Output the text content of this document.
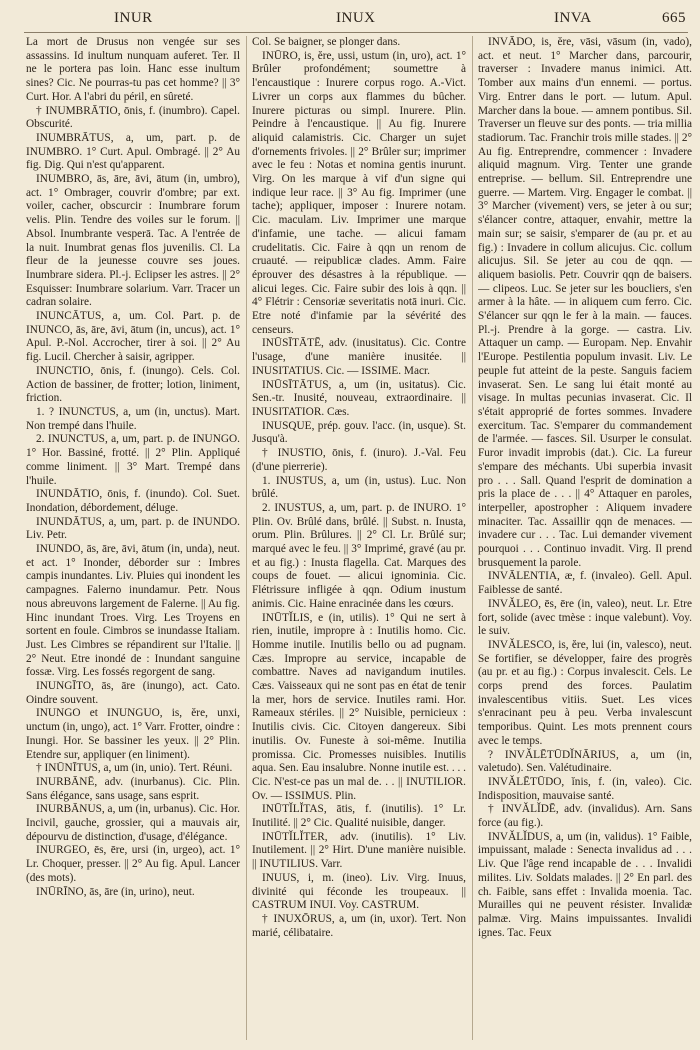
INUR	INUX	INVA	665

La mort de Drusus non vengée sur ses assassins. Id inultum nunquam auferet. Ter. Il ne le portera pas loin. Hanc esse inultum sines? Cic. Ne pourras-tu pas cet homme? || 3° Curt. Hor. A l'abri du péril, en sûreté.

† INUMBRĀTIO, ōnis, f. (inumbro). Capel. Obscurité.

INUMBRĀTUS, a, um, part. p. de INUMBRO. 1° Curt. Apul. Ombragé. || 2° Au fig. Dig. Qui n'est qu'apparent.

INUMBRO, ās, āre, āvi, ātum (in, umbro), act. 1° Ombrager, couvrir d'ombre; par ext. voiler, cacher, obscurcir : Inumbrare forum velis. Plin. Tendre des voiles sur le forum. || Absol. Inumbrante vesperā. Tac. A l'entrée de la nuit. Inumbrat genas flos juvenilis. Cl. La fleur de la jeunesse couvre ses joues. Inumbrare sidera. Pl.-j. Eclipser les astres. || 2° Esquisser: Inumbrare solarium. Varr. Tracer un cadran solaire.

INUNCĀTUS, a, um. Col. Part. p. de INUNCO, ās, āre, āvi, ātum (in, uncus), act. 1° Apul. P.-Nol. Accrocher, tirer à soi. || 2° Au fig. Lucil. Chercher à saisir, agripper.

INUNCTIO, ōnis, f. (inungo). Cels. Col. Action de bassiner, de frotter; lotion, liniment, friction.

1. ? INUNCTUS, a, um (in, unctus). Mart. Non trempé dans l'huile.

2. INUNCTUS, a, um, part. p. de INUNGO. 1° Hor. Bassiné, frotté. || 2° Plin. Appliqué comme liniment. || 3° Mart. Trempé dans l'huile.

INUNDĀTIO, ōnis, f. (inundo). Col. Suet. Inondation, débordement, déluge.

INUNDĀTUS, a, um, part. p. de INUNDO. Liv. Petr.

INUNDO, ās, āre, āvi, ātum (in, unda), neut. et act. 1° Inonder, déborder sur : Imbres campis inundantes. Liv. Pluies qui inondent les campagnes. Falerno inundamur. Petr. Nous nous abreuvons largement de Falerne. || Au fig. Hinc inundant Troes. Virg. Les Troyens en sortent en foule. Cimbros se inundasse Italiam. Just. Les Cimbres se répandirent sur l'Italie. || 2° Neut. Etre inondé de : Inundant sanguine fossæ. Virg. Les fossés regorgent de sang.

INUNGĪTO, ās, āre (inungo), act. Cato. Oindre souvent.

INUNGO et INUNGUO, is, ĕre, unxi, unctum (in, ungo), act. 1° Varr. Frotter, oindre : Inungi. Hor. Se bassiner les yeux. || 2° Plin. Etendre sur, appliquer (en liniment).

† INŪNĪTUS, a, um (in, unio). Tert. Réuni.

INURBĀNĒ, adv. (inurbanus). Cic. Plin. Sans élégance, sans usage, sans esprit.

INURBĀNUS, a, um (in, urbanus). Cic. Hor. Incivil, gauche, grossier, qui a mauvais air, dépourvu de distinction, d'usage, d'élégance.

INURGEO, ēs, ēre, ursi (in, urgeo), act. 1° Lr. Choquer, presser. || 2° Au fig. Apul. Lancer (des mots).

INŪRĪNO, ās, āre (in, urino), neut.

Col. Se baigner, se plonger dans.

INŪRO, is, ĕre, ussi, ustum (in, uro), act. 1° Brûler profondément; soumettre à l'encaustique : Inurere corpus rogo. A.-Vict. Livrer un corps aux flammes du bûcher. Inurere picturas ou simpl. Inurere. Plin. Peindre à l'encaustique. || Au fig. Inurere aliquid calamistris. Cic. Charger un sujet d'ornements frivoles. || 2° Brûler sur; imprimer avec le feu : Notas et nomina gentis inurunt. Virg. On les marque à vif d'un signe qui indique leur race. || 3° Au fig. Imprimer (une tache); appliquer, imposer : Inurere notam. Cic. maculam. Liv. Imprimer une marque d'infamie, une tache. — alicui famam crudelitatis. Cic. Faire à qqn un renom de cruauté. — reipublicæ clades. Amm. Faire éprouver des désastres à la république. — alicui leges. Cic. Faire subir des lois à qqn. || 4° Flétrir : Censoriæ severitatis notā inuri. Cic. Etre noté d'infamie par la sévérité des censeurs.

INŪSĪTĀTĒ, adv. (inusitatus). Cic. Contre l'usage, d'une manière inusitée. || INUSITATIUS. Cic. — ISSIME. Macr.

INŪSĪTĀTUS, a, um (in, usitatus). Cic. Sen.-tr. Inusité, nouveau, extraordinaire. || INUSITATIOR. Cæs.

INUSQUE, prép. gouv. l'acc. (in, usque). St. Jusqu'à.

† INUSTIO, ōnis, f. (inuro). J.-Val. Feu (d'une pierrerie).

1. INUSTUS, a, um (in, ustus). Luc. Non brûlé.

2. INUSTUS, a, um, part. p. de INURO. 1° Plin. Ov. Brûlé dans, brûlé. || Subst. n. Inusta, orum. Plin. Brûlures. || 2° Cl. Lr. Brûlé sur; marqué avec le feu. || 3° Imprimé, gravé (au pr. et au fig.) : Inusta flagella. Cat. Marques des coups de fouet. — alicui ignominia. Cic. Flétrissure infligée à qqn. Odium inustum animis. Cic. Haine enracinée dans les cœurs.

INŪTĬLIS, e (in, utilis). 1° Qui ne sert à rien, inutile, impropre à : Inutilis homo. Cic. Homme inutile. Inutilis bello ou ad pugnam. Cæs. Impropre au service, incapable de combattre. Naves ad navigandum inutiles. Cæs. Vaisseaux qui ne sont pas en état de tenir la mer, hors de service. Inutiles rami. Hor. Rameaux stériles. || 2° Nuisible, pernicieux : Inutilis civis. Cic. Citoyen dangereux. Sibi inutilis. Ov. Funeste à soi-même. Inutilia promissa. Cic. Promesses nuisibles. Inutilis aqua. Sen. Eau insalubre. Nonne inutile est. . . . Cic. N'est-ce pas un mal de. . . || INUTILIOR. Ov. — ISSIMUS. Plin.

INŪTĬLĬTAS, ātis, f. (inutilis). 1° Lr. Inutilité. || 2° Cic. Qualité nuisible, danger.

INŪTĬLĬTER, adv. (inutilis). 1° Liv. Inutilement. || 2° Hirt. D'une manière nuisible. || INUTILIUS. Varr.

INUUS, i, m. (ineo). Liv. Virg. Inuus, divinité qui féconde les troupeaux. || CASTRUM INUI. Voy. CASTRUM.

† INUXŌRUS, a, um (in, uxor). Tert. Non marié, célibataire.

INVĀDO, is, ĕre, vāsi, vāsum (in, vado), act. et neut. 1° Marcher dans, parcourir, traverser : Invadere manus inimici. Att. Tomber aux mains d'un ennemi. — portus. Virg. Entrer dans le port. — lutum. Apul. Marcher dans la boue. — amnem pontibus. Sil. Traverser un fleuve sur des ponts. — tria millia stadiorum. Tac. Franchir trois mille stades. || 2° Au fig. Entreprendre, commencer : Invadere aliquid magnum. Virg. Tenter une grande entreprise. — bellum. Sil. Entreprendre une guerre. — Martem. Virg. Engager le combat. || 3° Marcher (vivement) vers, se jeter à ou sur; s'élancer contre, attaquer, envahir, mettre la main sur; se saisir, s'emparer de (au pr. et au fig.) : Invadere in collum alicujus. Cic. collum alicujus. Sil. Se jeter au cou de qqn. — aliquem basiolis. Petr. Couvrir qqn de baisers. — clipeos. Luc. Se jeter sur les boucliers, s'en armer à la hâte. — in aliquem cum ferro. Cic. S'élancer sur qqn le fer à la main. — fauces. Pl.-j. Prendre à la gorge. — castra. Liv. Attaquer un camp. — Europam. Nep. Envahir l'Europe. Pestilentia populum invasit. Liv. Le peuple fut atteint de la peste. Sanguis faciem invaserat. Sen. Le sang lui était monté au visage. In multas pecunias invaserat. Cic. Il s'était approprié de fortes sommes. Invadere exercitum. Tac. S'emparer du commandement de l'armée. — fasces. Sil. Usurper le consulat. Furor invadit improbis (dat.). Cic. La fureur s'empare des méchants. Ubi superbia invasit pro . . . Sall. Quand l'esprit de domination a pris la place de . . . || 4° Attaquer en paroles, interpeller, apostropher : Aliquem invadere minaciter. Tac. Assaillir qqn de menaces. — invadere cur . . . Tac. Lui demander vivement pourquoi . . . Continuo invadit. Virg. Il prend brusquement la parole.

INVĀLENTIA, æ, f. (invaleo). Gell. Apul. Faiblesse de santé.

INVĂLEO, ēs, ēre (in, valeo), neut. Lr. Etre fort, solide (avec tmèse : inque valebunt). Voy. le suiv.

INVĂLESCO, is, ĕre, lui (in, valesco), neut. Se fortifier, se développer, faire des progrès (au pr. et au fig.) : Corpus invalescit. Cels. Le corps prend des forces. Paulatim invalescentibus vitiis. Suet. Les vices s'enracinant peu à peu. Verba invalescunt temporibus. Quint. Les mots prennent cours avec le temps.

? INVĂLĒTŪDĬNĀRIUS, a, um (in, valetudo). Sen. Valétudinaire.

INVĂLĒTŪDO, ĭnis, f. (in, valeo). Cic. Indisposition, mauvaise santé.

† INVĂLĬDĒ, adv. (invalidus). Arn. Sans force (au fig.).

INVĂLĬDUS, a, um (in, validus). 1° Faible, impuissant, malade : Senecta invalidus ad . . . Liv. Que l'âge rend incapable de . . . Invalidi milites. Liv. Soldats malades. || 2° En parl. des ch. Faible, sans effet : Invalida moenia. Tac. Murailles qui ne peuvent résister. Invalidæ palmæ. Virg. Mains impuissantes. Invalidi ignes. Tac. Feux
